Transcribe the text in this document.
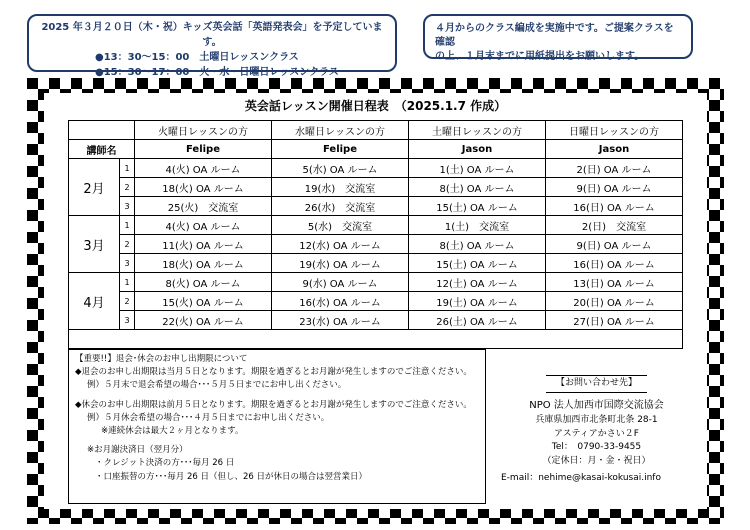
2025 年３月２０日（木・祝）キッズ英会話「英語発表会」を予定しています。
●13：30〜15：00　土曜日レッスンクラス
●15：30〜17：00　火・水・日曜日レッスンクラス
４月からのクラス編成を実施中です。ご提案クラスを確認
の上、１月末までに用紙提出をお願いします。
英会話レッスン開催日程表　（2025.1.7 作成）
		火曜日レッスンの方	水曜日レッスンの方	土曜日レッスンの方	日曜日レッスンの方
講師名		Felipe	Felipe	Jason	Jason
2月	1	4(火) OA ルーム	5(水) OA ルーム	1(土) OA ルーム	2(日) OA ルーム
	2	18(火) OA ルーム	19(水)　交流室	8(土) OA ルーム	9(日) OA ルーム
	3	25(火)　交流室	26(水)　交流室	15(土) OA ルーム	16(日) OA ルーム
3月	1	4(火) OA ルーム	5(水)　交流室	1(土)　交流室	2(日)　交流室
	2	11(火) OA ルーム	12(水) OA ルーム	8(土) OA ルーム	9(日) OA ルーム
	3	18(火) OA ルーム	19(水) OA ルーム	15(土) OA ルーム	16(日) OA ルーム
4月	1	8(火) OA ルーム	9(水) OA ルーム	12(土) OA ルーム	13(日) OA ルーム
	2	15(火) OA ルーム	16(水) OA ルーム	19(土) OA ルーム	20(日) OA ルーム
	3	22(火) OA ルーム	23(水) OA ルーム	26(土) OA ルーム	27(日) OA ルーム

【重要!!】退会･休会のお申し出期限について
◆退会のお申し出期限は当月５日となります。期限を過ぎるとお月謝が発生しますのでご注意ください。
例）５月末で退会希望の場合･･･５月５日までにお申し出ください。
◆休会のお申し出期限は前月５日となります。期限を過ぎるとお月謝が発生しますのでご注意ください。
例）５月休会希望の場合･･･４月５日までにお申し出ください。
※連続休会は最大２ヶ月となります。
※お月謝決済日（翌月分）
・クレジット決済の方･･･毎月 26 日
・口座振替の方･･･毎月 26 日（但し、26 日が休日の場合は翌営業日）
【お問い合わせ先】
NPO 法人加西市国際交流協会
兵庫県加西市北条町北条 28-1
アスティアかさい２F
Tel：　0790-33-9455
（定休日：月・金・祝日）
E-mail：nehime@kasai-kokusai.info
